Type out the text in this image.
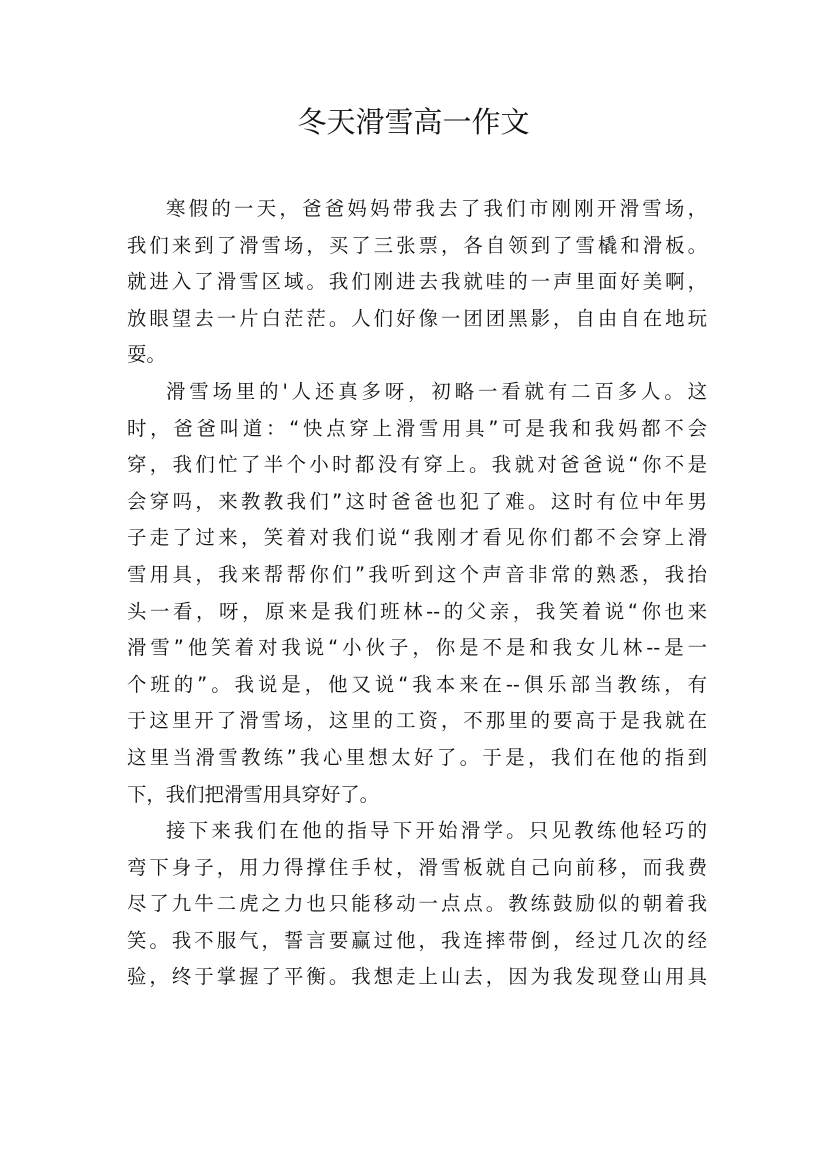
冬天滑雪高一作文
寒假的一天，爸爸妈妈带我去了我们市刚刚开滑雪场，
我们来到了滑雪场，买了三张票，各自领到了雪橇和滑板。
就进入了滑雪区域。我们刚进去我就哇的一声里面好美啊，
放眼望去一片白茫茫。人们好像一团团黑影，自由自在地玩
耍。
滑雪场里的'人还真多呀，初略一看就有二百多人。这
时，爸爸叫道：“快点穿上滑雪用具”可是我和我妈都不会
穿，我们忙了半个小时都没有穿上。我就对爸爸说“你不是
会穿吗，来教教我们”这时爸爸也犯了难。这时有位中年男
子走了过来，笑着对我们说“我刚才看见你们都不会穿上滑
雪用具，我来帮帮你们”我听到这个声音非常的熟悉，我抬
头一看，呀，原来是我们班林--的父亲，我笑着说“你也来
滑雪”他笑着对我说“小伙子，你是不是和我女儿林--是一
个班的”。我说是，他又说“我本来在--俱乐部当教练，有
于这里开了滑雪场，这里的工资，不那里的要高于是我就在
这里当滑雪教练”我心里想太好了。于是，我们在他的指到
下，我们把滑雪用具穿好了。
接下来我们在他的指导下开始滑学。只见教练他轻巧的
弯下身子，用力得撑住手杖，滑雪板就自己向前移，而我费
尽了九牛二虎之力也只能移动一点点。教练鼓励似的朝着我
笑。我不服气，誓言要赢过他，我连摔带倒，经过几次的经
验，终于掌握了平衡。我想走上山去，因为我发现登山用具
